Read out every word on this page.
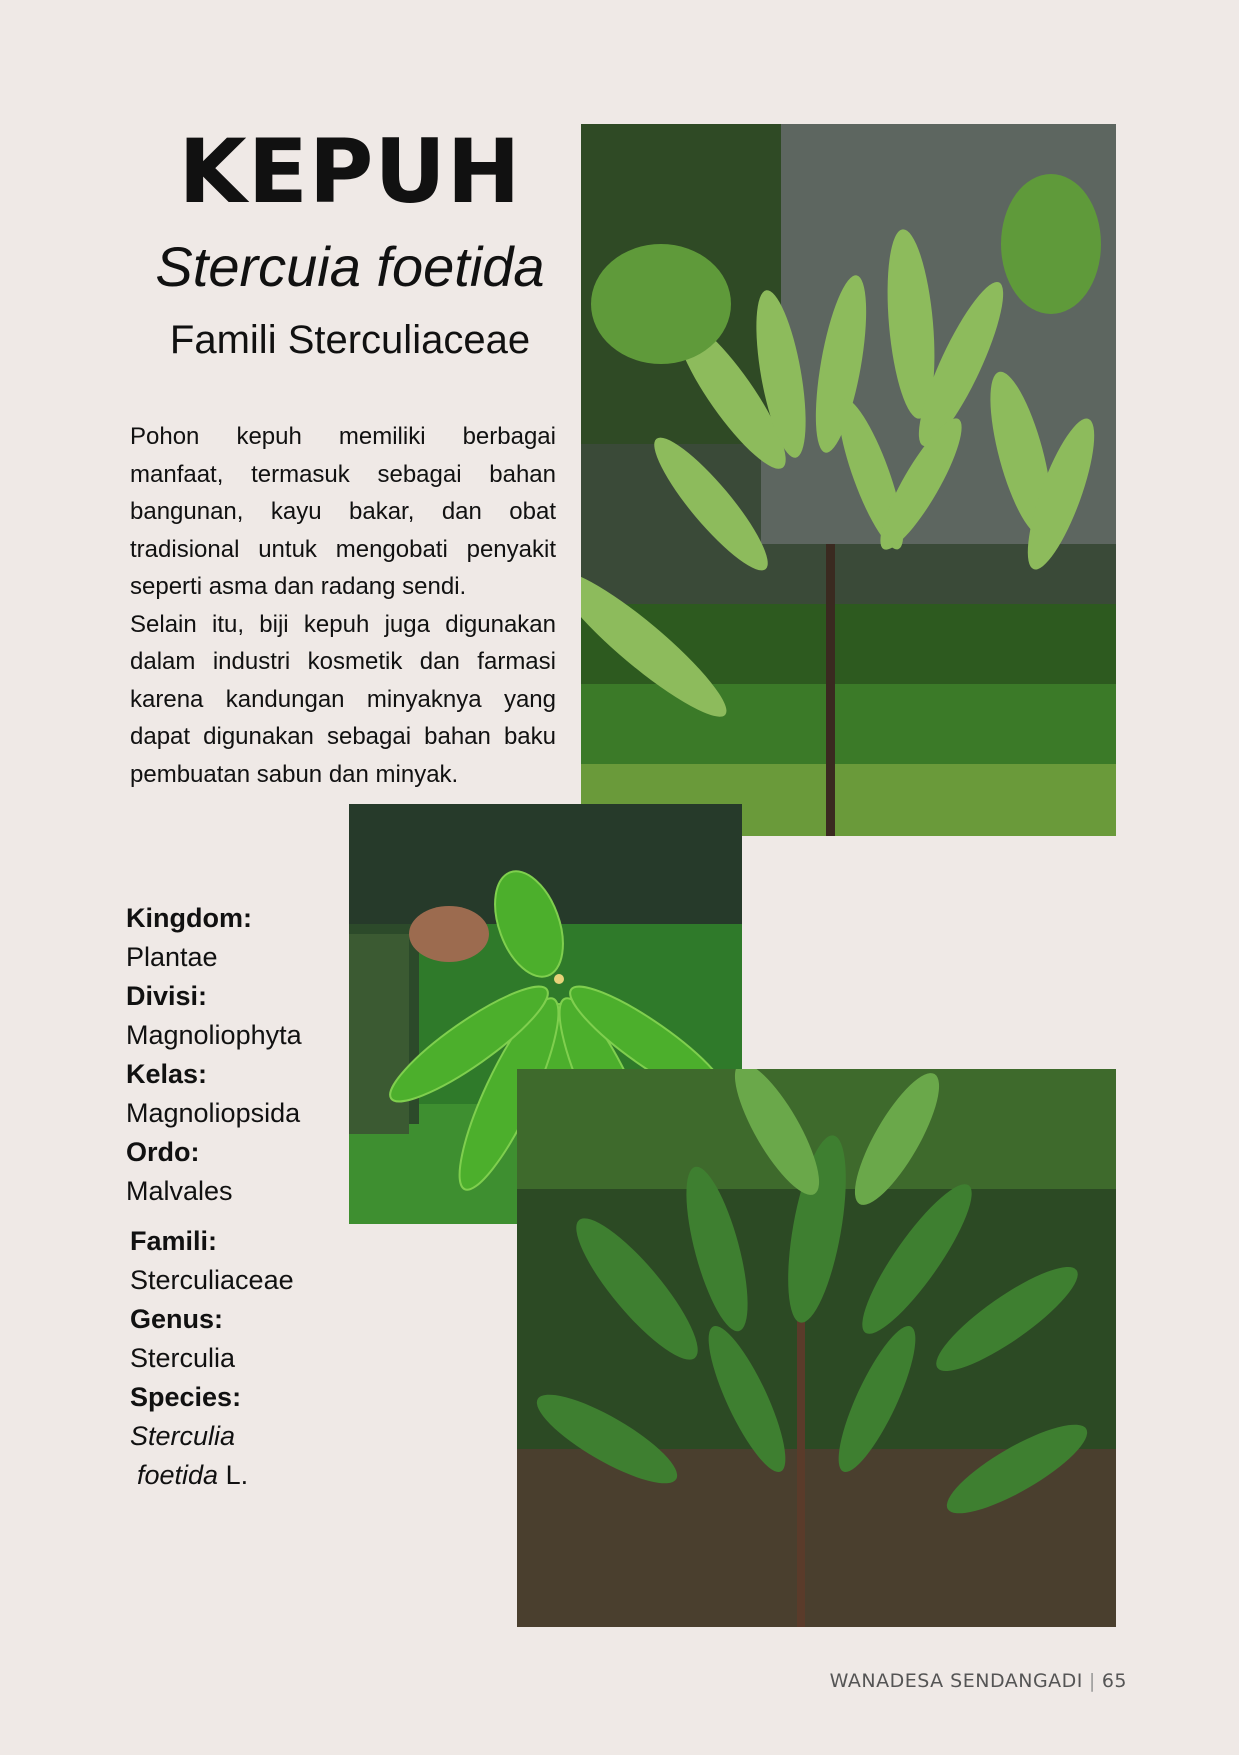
KEPUH
Stercuia foetida
Famili Sterculiaceae

Pohon kepuh memiliki berbagai manfaat, termasuk sebagai bahan bangunan, kayu bakar, dan obat tradisional untuk mengobati penyakit seperti asma dan radang sendi.

Selain itu, biji kepuh juga digunakan dalam industri kosmetik dan farmasi karena kandungan minyaknya yang dapat digunakan sebagai bahan baku pembuatan sabun dan minyak.

Kingdom:
Plantae
Divisi:
Magnoliophyta
Kelas:
Magnoliopsida
Ordo:
Malvales
Famili:
Sterculiaceae
Genus:
Sterculia
Species:
Sterculia
foetida L.
WANADESA SENDANGADI | 65
